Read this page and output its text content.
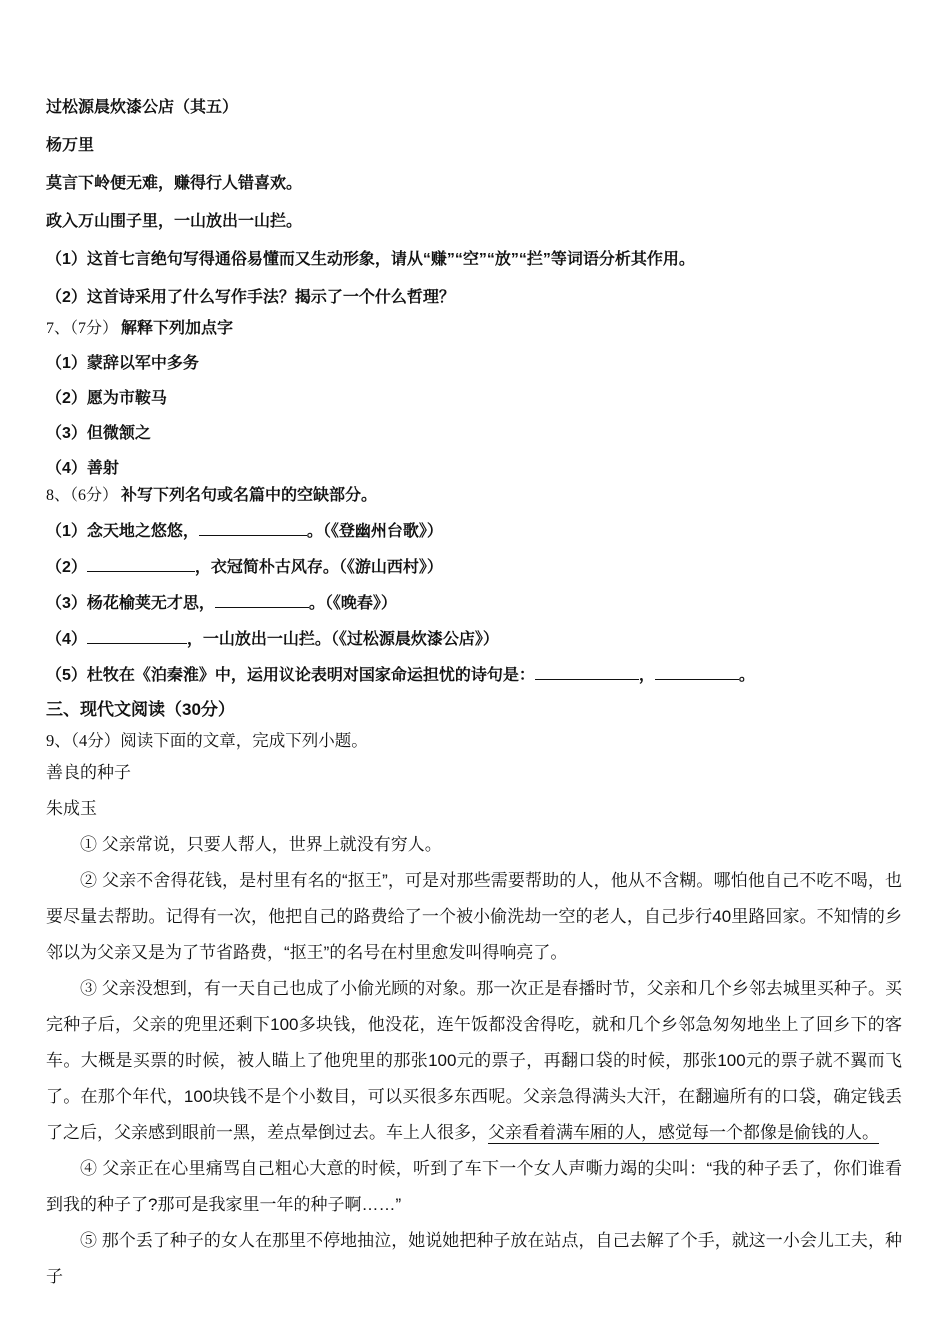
过松源晨炊漆公店（其五）
杨万里
莫言下岭便无难，赚得行人错喜欢。
政入万山围子里，一山放出一山拦。
（1）这首七言绝句写得通俗易懂而又生动形象，请从“赚”“空”“放”“拦”等词语分析其作用。
（2）这首诗采用了什么写作手法？揭示了一个什么哲理？
7、（7分） 解释下列加点字
（1）蒙辞以军中多务
（2）愿为市鞍马
（3）但微颔之
（4）善射
8、（6分） 补写下列名句或名篇中的空缺部分。
（1）念天地之悠悠，	。（《登幽州台歌》）
（2）	，衣冠简朴古风存。（《游山西村》）
（3）杨花榆荚无才思，	。（《晚春》）
（4）	，一山放出一山拦。（《过松源晨炊漆公店》）
（5）杜牧在《泊秦淮》中，运用议论表明对国家命运担忧的诗句是：	，	。
三、现代文阅读（30分）
9、（4分）阅读下面的文章，完成下列小题。

善良的种子

朱成玉

① 父亲常说，只要人帮人，世界上就没有穷人。

② 父亲不舍得花钱，是村里有名的“抠王”，可是对那些需要帮助的人，他从不含糊。哪怕他自己不吃不喝，也要尽量去帮助。记得有一次，他把自己的路费给了一个被小偷洗劫一空的老人，自己步行40里路回家。不知情的乡邻以为父亲又是为了节省路费，“抠王”的名号在村里愈发叫得响亮了。

③ 父亲没想到，有一天自己也成了小偷光顾的对象。那一次正是春播时节，父亲和几个乡邻去城里买种子。买完种子后，父亲的兜里还剩下100多块钱，他没花，连午饭都没舍得吃，就和几个乡邻急匆匆地坐上了回乡下的客车。大概是买票的时候，被人瞄上了他兜里的那张100元的票子，再翻口袋的时候，那张100元的票子就不翼而飞了。在那个年代，100块钱不是个小数目，可以买很多东西呢。父亲急得满头大汗，在翻遍所有的口袋，确定钱丢了之后，父亲感到眼前一黑，差点晕倒过去。车上人很多，父亲看着满车厢的人，感觉每一个都像是偷钱的人。

④ 父亲正在心里痛骂自己粗心大意的时候，听到了车下一个女人声嘶力竭的尖叫：“我的种子丢了，你们谁看到我的种子了?那可是我家里一年的种子啊……”

⑤ 那个丢了种子的女人在那里不停地抽泣，她说她把种子放在站点，自己去解了个手，就这一小会儿工夫，种子
